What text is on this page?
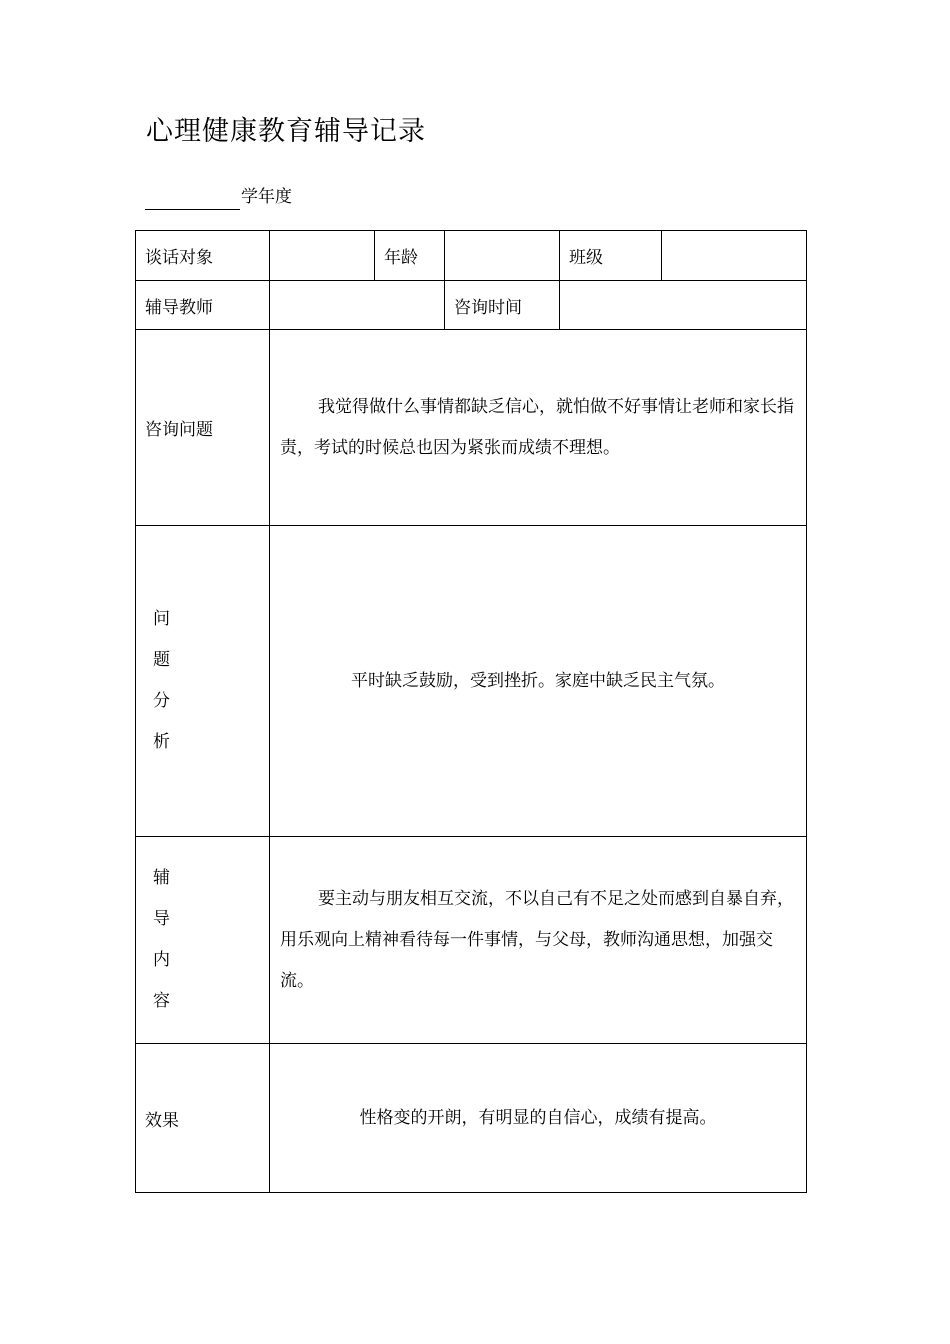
心理健康教育辅导记录
学年度
谈话对象		年龄		班级	
辅导教师			咨询时间		
咨询问题	我觉得做什么事情都缺乏信心，就怕做不好事情让老师和家长指责，考试的时候总也因为紧张而成绩不理想。				

问
题
分
析	平时缺乏鼓励，受到挫折。家庭中缺乏民主气氛。				

辅
导
内
容	要主动与朋友相互交流，不以自己有不足之处而感到自暴自弃，用乐观向上精神看待每一件事情，与父母，教师沟通思想，加强交流。				
效果	性格变的开朗，有明显的自信心，成绩有提高。				
